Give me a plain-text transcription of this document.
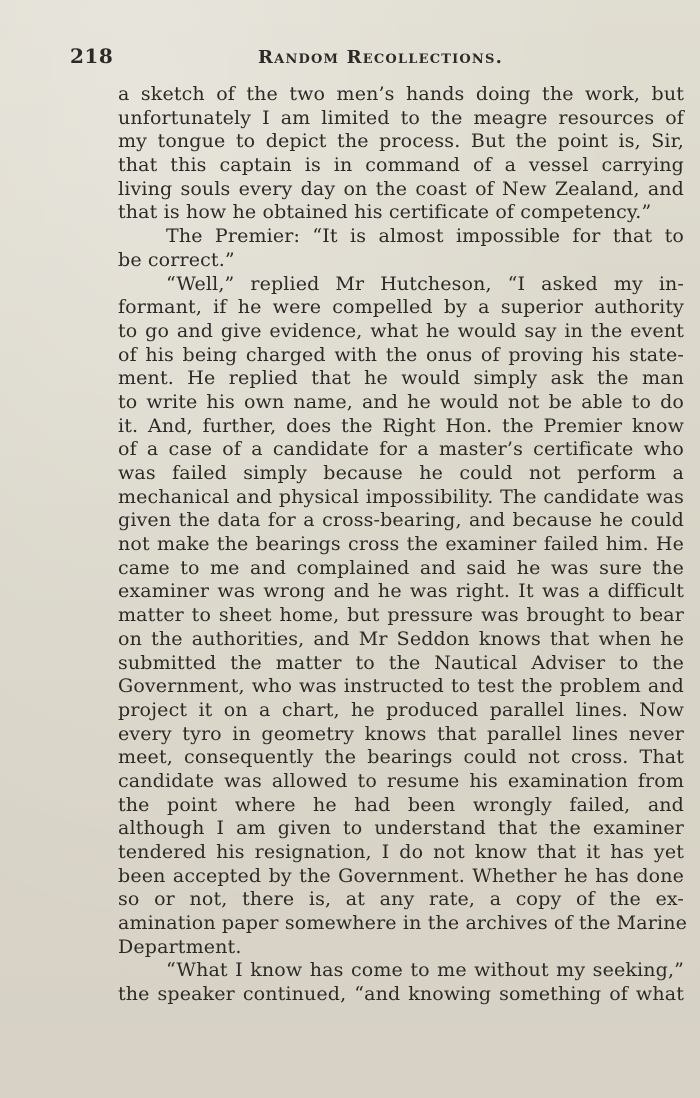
218	Random Recollections.
a sketch of the two men’s hands doing the work, but
unfortunately I am limited to the meagre resources of
my tongue to depict the process. But the point is, Sir,
that this captain is in command of a vessel carrying
living souls every day on the coast of New Zealand, and
that is how he obtained his certificate of competency.”
The Premier: “It is almost impossible for that to
be correct.”
“Well,” replied Mr Hutcheson, “I asked my in-
formant, if he were compelled by a superior authority
to go and give evidence, what he would say in the event
of his being charged with the onus of proving his state-
ment. He replied that he would simply ask the man
to write his own name, and he would not be able to do
it. And, further, does the Right Hon. the Premier know
of a case of a candidate for a master’s certificate who
was failed simply because he could not perform a
mechanical and physical impossibility. The candidate was
given the data for a cross-bearing, and because he could
not make the bearings cross the examiner failed him. He
came to me and complained and said he was sure the
examiner was wrong and he was right. It was a difficult
matter to sheet home, but pressure was brought to bear
on the authorities, and Mr Seddon knows that when he
submitted the matter to the Nautical Adviser to the
Government, who was instructed to test the problem and
project it on a chart, he produced parallel lines. Now
every tyro in geometry knows that parallel lines never
meet, consequently the bearings could not cross. That
candidate was allowed to resume his examination from
the point where he had been wrongly failed, and
although I am given to understand that the examiner
tendered his resignation, I do not know that it has yet
been accepted by the Government. Whether he has done
so or not, there is, at any rate, a copy of the ex-
amination paper somewhere in the archives of the Marine
Department.
“What I know has come to me without my seeking,”
the speaker continued, “and knowing something of what
